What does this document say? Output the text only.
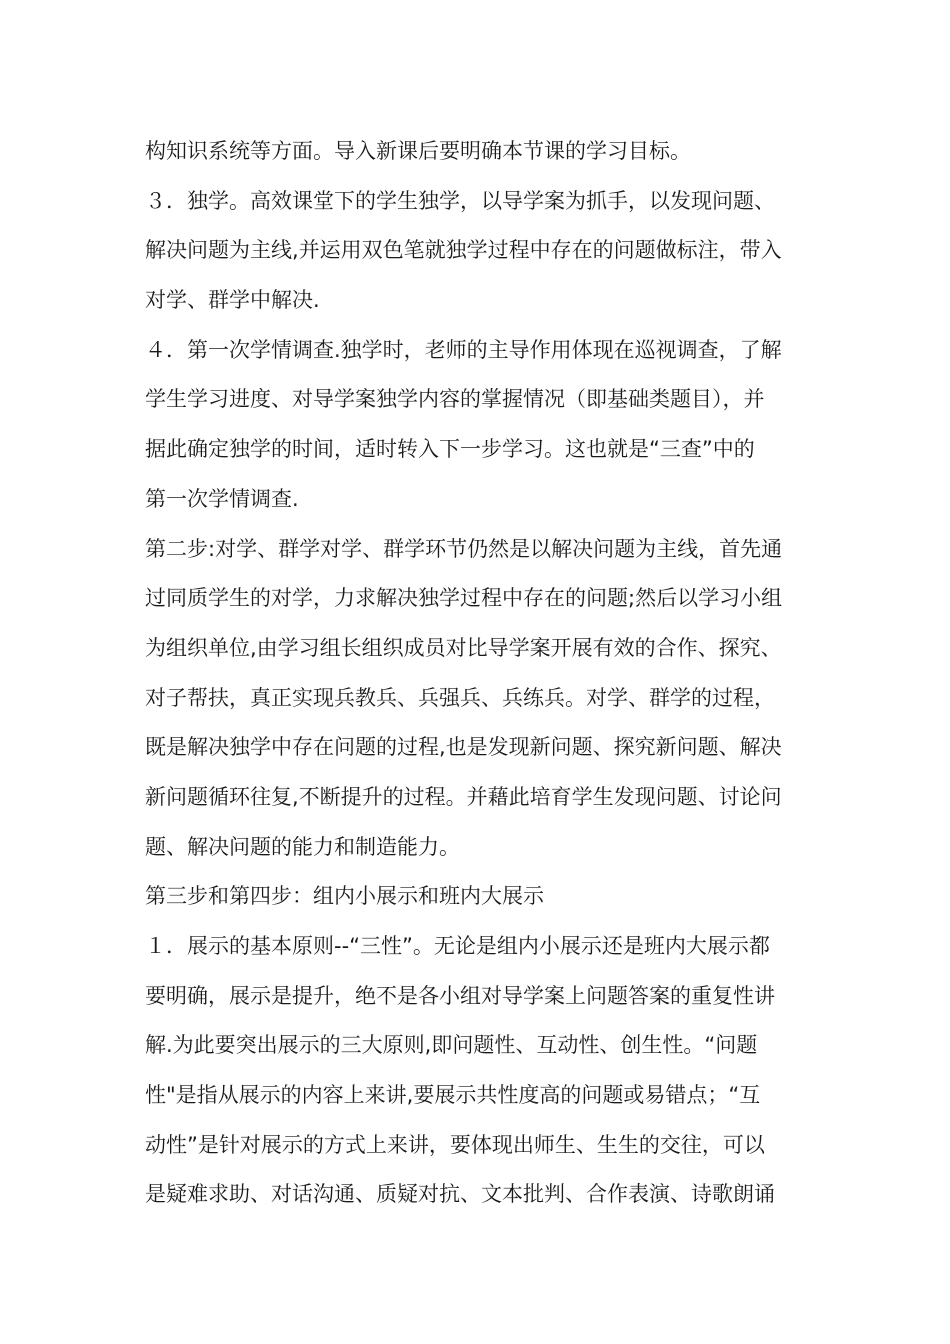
构知识系统等方面。导入新课后要明确本节课的学习目标。
３．独学。高效课堂下的学生独学，以导学案为抓手，以发现问题、
解决问题为主线,并运用双色笔就独学过程中存在的问题做标注，带入
对学、群学中解决.
４．第一次学情调查.独学时，老师的主导作用体现在巡视调查，了解
学生学习进度、对导学案独学内容的掌握情况（即基础类题目），并
据此确定独学的时间，适时转入下一步学习。这也就是“三查”中的
第一次学情调查.
第二步:对学、群学对学、群学环节仍然是以解决问题为主线，首先通
过同质学生的对学，力求解决独学过程中存在的问题;然后以学习小组
为组织单位,由学习组长组织成员对比导学案开展有效的合作、探究、
对子帮扶，真正实现兵教兵、兵强兵、兵练兵。对学、群学的过程，
既是解决独学中存在问题的过程,也是发现新问题、探究新问题、解决
新问题循环往复,不断提升的过程。并藉此培育学生发现问题、讨论问
题、解决问题的能力和制造能力。
第三步和第四步：组内小展示和班内大展示
１．展示的基本原则--“三性”。无论是组内小展示还是班内大展示都
要明确，展示是提升，绝不是各小组对导学案上问题答案的重复性讲
解.为此要突出展示的三大原则,即问题性、互动性、创生性。“问题
性"是指从展示的内容上来讲,要展示共性度高的问题或易错点；“互
动性”是针对展示的方式上来讲，要体现出师生、生生的交往，可以
是疑难求助、对话沟通、质疑对抗、文本批判、合作表演、诗歌朗诵
